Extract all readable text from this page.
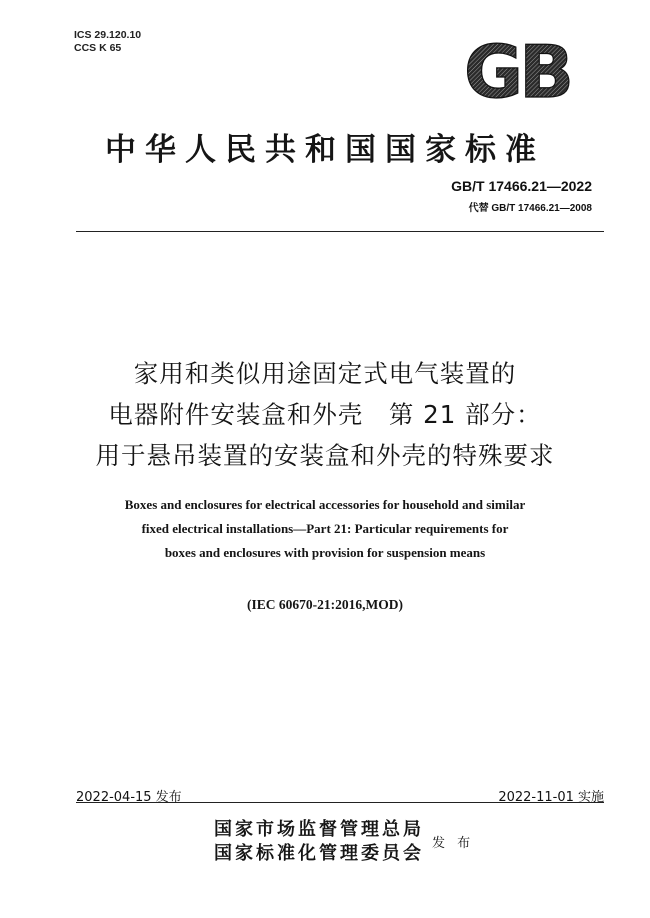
ICS 29.120.10
CCS K 65	GB
中华人民共和国国家标准
GB/T 17466.21—2022
代替 GB/T 17466.21—2008
家用和类似用途固定式电气装置的
电器附件安装盒和外壳　第 21 部分：
用于悬吊装置的安装盒和外壳的特殊要求
Boxes and enclosures for electrical accessories for household and similar
fixed electrical installations—Part 21: Particular requirements for
boxes and enclosures with provision for suspension means
(IEC 60670-21:2016,MOD)
2022-04-15 发布	2022-11-01 实施
国家市场监督管理总局
国家标准化管理委员会 发 布
